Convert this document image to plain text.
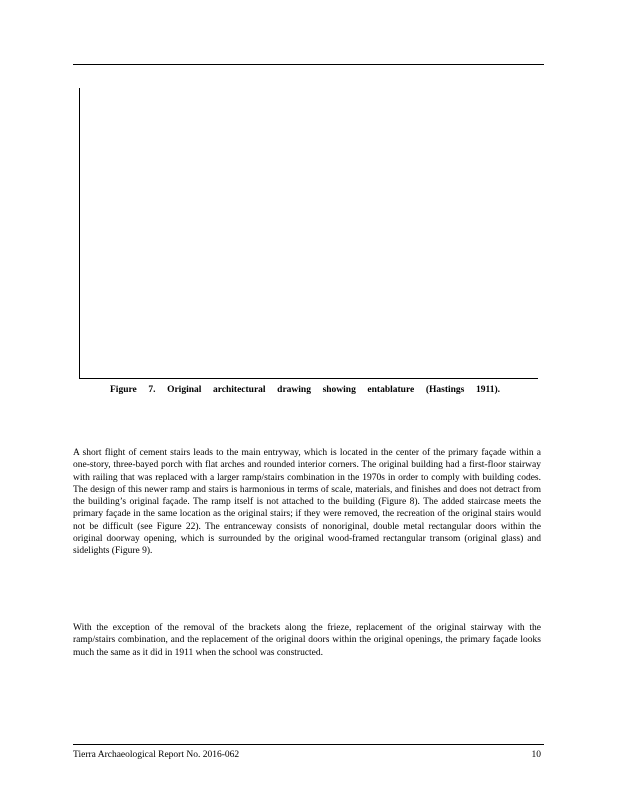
Figure 7. Original architectural drawing showing entablature (Hastings 1911).
A short flight of cement stairs leads to the main entryway, which is located in the center of the primary façade within a one-story, three-bayed porch with flat arches and rounded interior corners. The original building had a first-floor stairway with railing that was replaced with a larger ramp/stairs combination in the 1970s in order to comply with building codes. The design of this newer ramp and stairs is harmonious in terms of scale, materials, and finishes and does not detract from the building’s original façade. The ramp itself is not attached to the building (Figure 8). The added staircase meets the primary façade in the same location as the original stairs; if they were removed, the recreation of the original stairs would not be difficult (see Figure 22). The entranceway consists of nonoriginal, double metal rectangular doors within the original doorway opening, which is surrounded by the original wood-framed rectangular transom (original glass) and sidelights (Figure 9).
With the exception of the removal of the brackets along the frieze, replacement of the original stairway with the ramp/stairs combination, and the replacement of the original doors within the original openings, the primary façade looks much the same as it did in 1911 when the school was constructed.
Tierra Archaeological Report No. 2016-062	10
